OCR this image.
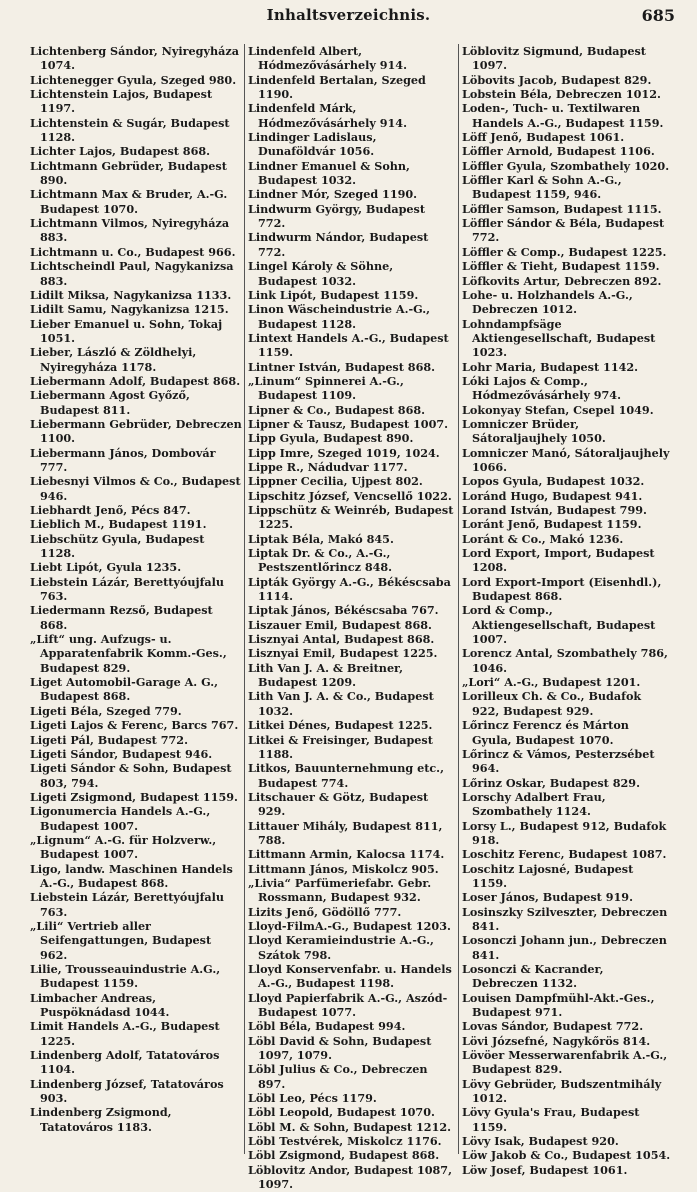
Inhaltsverzeichnis.	685

Lichtenberg Sándor, Nyiregyháza 1074.

Lichtenegger Gyula, Szeged 980.

Lichtenstein Lajos, Budapest 1197.

Lichtenstein & Sugár, Budapest 1128.

Lichter Lajos, Budapest 868.

Lichtmann Gebrüder, Budapest 890.

Lichtmann Max & Bruder, A.-G. Budapest 1070.

Lichtmann Vilmos, Nyiregyháza 883.

Lichtmann u. Co., Budapest 966.

Lichtscheindl Paul, Nagykanizsa 883.

Lidilt Miksa, Nagykanizsa 1133.

Lidilt Samu, Nagykanizsa 1215.

Lieber Emanuel u. Sohn, Tokaj 1051.

Lieber, László & Zöldhelyi, Nyiregyháza 1178.

Liebermann Adolf, Budapest 868.

Liebermann Agost Győző, Budapest 811.

Liebermann Gebrüder, Debreczen 1100.

Liebermann János, Dombovár 777.

Liebesnyi Vilmos & Co., Budapest 946.

Liebhardt Jenő, Pécs 847.

Lieblich M., Budapest 1191.

Liebschütz Gyula, Budapest 1128.

Liebt Lipót, Gyula 1235.

Liebstein Lázár, Berettyóujfalu 763.

Liedermann Rezső, Budapest 868.

„Lift“ ung. Aufzugs- u. Apparatenfabrik Komm.-Ges., Budapest 829.

Liget Automobil-Garage A. G., Budapest 868.

Ligeti Béla, Szeged 779.

Ligeti Lajos & Ferenc, Barcs 767.

Ligeti Pál, Budapest 772.

Ligeti Sándor, Budapest 946.

Ligeti Sándor & Sohn, Budapest 803, 794.

Ligeti Zsigmond, Budapest 1159.

Ligonumercia Handels A.-G., Budapest 1007.

„Lignum“ A.-G. für Holzverw., Budapest 1007.

Ligo, landw. Maschinen Handels A.-G., Budapest 868.

Liebstein Lázár, Berettyóujfalu 763.

„Lili“ Vertrieb aller Seifengattungen, Budapest 962.

Lilie, Trousseauindustrie A.G., Budapest 1159.

Limbacher Andreas, Puspöknádasd 1044.

Limit Handels A.-G., Budapest 1225.

Lindenberg Adolf, Tatatováros 1104.

Lindenberg József, Tatatováros 903.

Lindenberg Zsigmond, Tatatováros 1183.

Lindenfeld Albert, Hódmezővásárhely 914.

Lindenfeld Bertalan, Szeged 1190.

Lindenfeld Márk, Hódmezővásárhely 914.

Lindinger Ladislaus, Dunaföldvár 1056.

Lindner Emanuel & Sohn, Budapest 1032.

Lindner Mór, Szeged 1190.

Lindwurm György, Budapest 772.

Lindwurm Nándor, Budapest 772.

Lingel Károly & Söhne, Budapest 1032.

Link Lipót, Budapest 1159.

Linon Wäscheindustrie A.-G., Budapest 1128.

Lintext Handels A.-G., Budapest 1159.

Lintner István, Budapest 868.

„Linum“ Spinnerei A.-G., Budapest 1109.

Lipner & Co., Budapest 868.

Lipner & Tausz, Budapest 1007.

Lipp Gyula, Budapest 890.

Lipp Imre, Szeged 1019, 1024.

Lippe R., Nádudvar 1177.

Lippner Cecilia, Ujpest 802.

Lipschitz József, Vencsellő 1022.

Lippschütz & Weinréb, Budapest 1225.

Liptak Béla, Makó 845.

Liptak Dr. & Co., A.-G., Pestszentlőrincz 848.

Lipták György A.-G., Békéscsaba 1114.

Liptak János, Békéscsaba 767.

Liszauer Emil, Budapest 868.

Lisznyai Antal, Budapest 868.

Lisznyai Emil, Budapest 1225.

Lith Van J. A. & Breitner, Budapest 1209.

Lith Van J. A. & Co., Budapest 1032.

Litkei Dénes, Budapest 1225.

Litkei & Freisinger, Budapest 1188.

Litkos, Bauunternehmung etc., Budapest 774.

Litschauer & Götz, Budapest 929.

Littauer Mihály, Budapest 811, 788.

Littmann Armin, Kalocsa 1174.

Littmann János, Miskolcz 905.

„Livia“ Parfümeriefabr. Gebr. Rossmann, Budapest 932.

Lizits Jenő, Gödöllő 777.

Lloyd-FilmA.-G., Budapest 1203.

Lloyd Keramieindustrie A.-G., Szátok 798.

Lloyd Konservenfabr. u. Handels A.-G., Budapest 1198.

Lloyd Papierfabrik A.-G., Aszód-Budapest 1077.

Löbl Béla, Budapest 994.

Löbl David & Sohn, Budapest 1097, 1079.

Löbl Julius & Co., Debreczen 897.

Löbl Leo, Pécs 1179.

Löbl Leopold, Budapest 1070.

Löbl M. & Sohn, Budapest 1212.

Löbl Testvérek, Miskolcz 1176.

Löbl Zsigmond, Budapest 868.

Löblovitz Andor, Budapest 1087, 1097.

Löblovitz Sigmund, Budapest 1097.

Löbovits Jacob, Budapest 829.

Lobstein Béla, Debreczen 1012.

Loden-, Tuch- u. Textilwaren Handels A.-G., Budapest 1159.

Löff Jenő, Budapest 1061.

Löffler Arnold, Budapest 1106.

Löffler Gyula, Szombathely 1020.

Löffler Karl & Sohn A.-G., Budapest 1159, 946.

Löffler Samson, Budapest 1115.

Löffler Sándor & Béla, Budapest 772.

Löffler & Comp., Budapest 1225.

Löffler & Tieht, Budapest 1159.

Löfkovits Artur, Debreczen 892.

Lohe- u. Holzhandels A.-G., Debreczen 1012.

Lohndampfsäge Aktiengesellschaft, Budapest 1023.

Lohr Maria, Budapest 1142.

Lóki Lajos & Comp., Hódmezővásárhely 974.

Lokonyay Stefan, Csepel 1049.

Lomniczer Brüder, Sátoraljaujhely 1050.

Lomniczer Manó, Sátoraljaujhely 1066.

Lopos Gyula, Budapest 1032.

Loránd Hugo, Budapest 941.

Lorand István, Budapest 799.

Loránt Jenő, Budapest 1159.

Loránt & Co., Makó 1236.

Lord Export, Import, Budapest 1208.

Lord Export-Import (Eisenhdl.), Budapest 868.

Lord & Comp., Aktiengesellschaft, Budapest 1007.

Lorencz Antal, Szombathely 786, 1046.

„Lori“ A.-G., Budapest 1201.

Lorilleux Ch. & Co., Budafok 922, Budapest 929.

Lőrincz Ferencz és Márton Gyula, Budapest 1070.

Lőrincz & Vámos, Pesterzsébet 964.

Lőrinz Oskar, Budapest 829.

Lorschy Adalbert Frau, Szombathely 1124.

Lorsy L., Budapest 912, Budafok 918.

Loschitz Ferenc, Budapest 1087.

Loschitz Lajosné, Budapest 1159.

Loser János, Budapest 919.

Losinszky Szilveszter, Debreczen 841.

Losonczi Johann jun., Debreczen 841.

Losonczi & Kacrander, Debreczen 1132.

Louisen Dampfmühl-Akt.-Ges., Budapest 971.

Lovas Sándor, Budapest 772.

Lövi Józsefné, Nagykőrös 814.

Lövöer Messerwarenfabrik A.-G., Budapest 829.

Lövy Gebrüder, Budszentmihály 1012.

Lövy Gyula's Frau, Budapest 1159.

Lövy Isak, Budapest 920.

Löw Jakob & Co., Budapest 1054.

Löw Josef, Budapest 1061.
